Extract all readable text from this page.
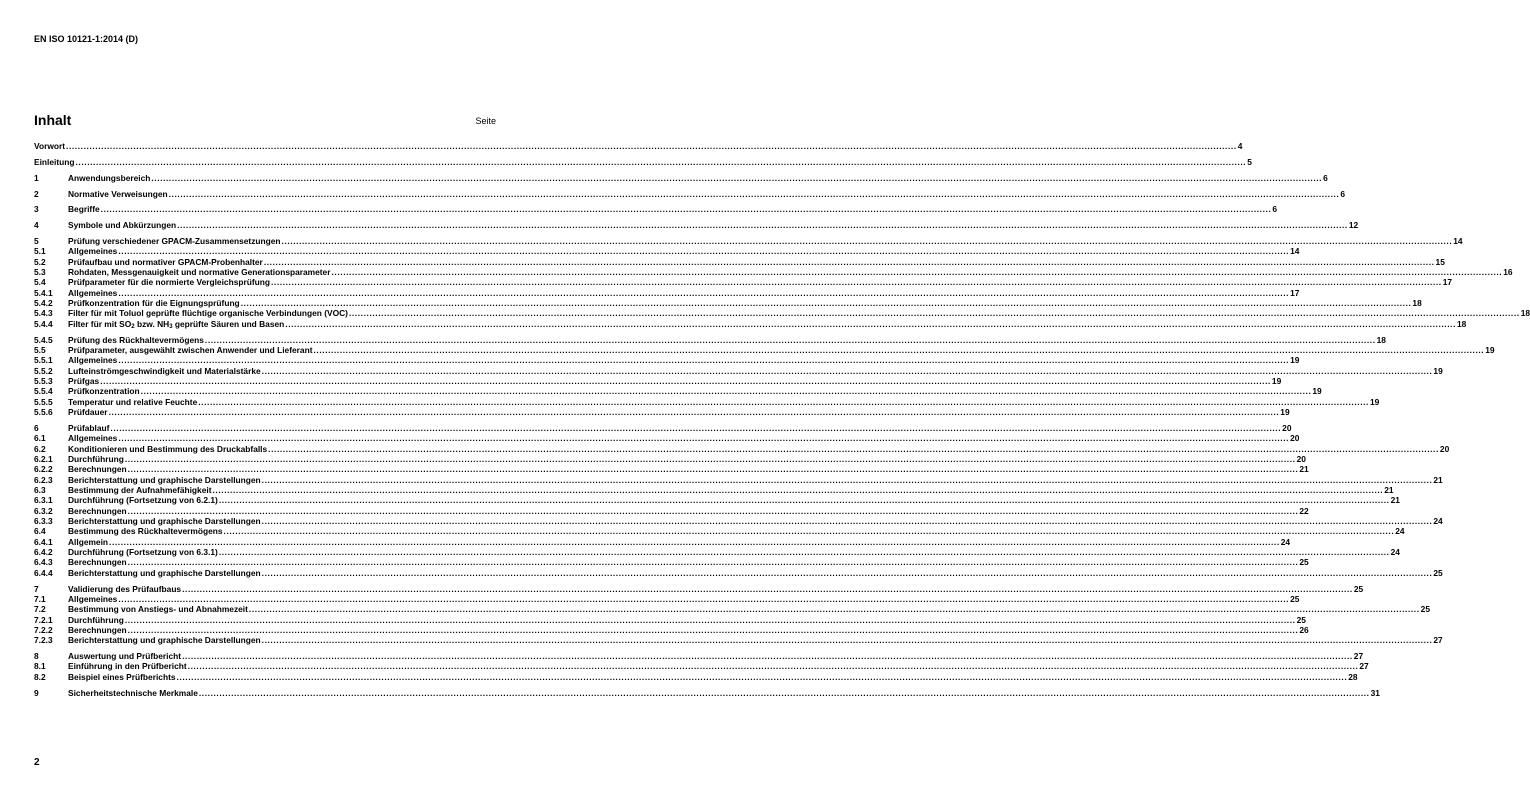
EN ISO 10121-1:2014 (D)
Inhalt	Seite
Vorwort ................................................................................................................................................................................................................................................................................................................................................................................................................ 4
Einleitung ................................................................................................................................................................................................................................................................................................................................................................................................................ 5
1	Anwendungsbereich ................................................................................................................................................................................................................................................................................................................................................................................................................ 6
2	Normative Verweisungen ................................................................................................................................................................................................................................................................................................................................................................................................................ 6
3	Begriffe ................................................................................................................................................................................................................................................................................................................................................................................................................ 6
4	Symbole und Abkürzungen ................................................................................................................................................................................................................................................................................................................................................................................................................ 12
5	Prüfung verschiedener GPACM-Zusammensetzungen ................................................................................................................................................................................................................................................................................................................................................................................................................ 14
5.1	Allgemeines ................................................................................................................................................................................................................................................................................................................................................................................................................ 14
5.2	Prüfaufbau und normativer GPACM-Probenhalter ................................................................................................................................................................................................................................................................................................................................................................................................................ 15
5.3	Rohdaten, Messgenauigkeit und normative Generationsparameter ................................................................................................................................................................................................................................................................................................................................................................................................................ 16
5.4	Prüfparameter für die normierte Vergleichsprüfung ................................................................................................................................................................................................................................................................................................................................................................................................................ 17
5.4.1 Allgemeines ................................................................................................................................................................................................................................................................................................................................................................................................................ 17
5.4.2 Prüfkonzentration für die Eignungsprüfung ................................................................................................................................................................................................................................................................................................................................................................................................................ 18
5.4.3 Filter für mit Toluol geprüfte flüchtige organische Verbindungen (VOC) ................................................................................................................................................................................................................................................................................................................................................................................................................ 18
5.4.4 Filter für mit $SO_2$ bzw. $NH_3$ geprüfte Säuren und Basen ................................................................................................................................................................................................................................................................................................................................................................................................................ 18
5.4.5 Prüfung des Rückhaltevermögens ................................................................................................................................................................................................................................................................................................................................................................................................................ 18
5.5	Prüfparameter, ausgewählt zwischen Anwender und Lieferant ................................................................................................................................................................................................................................................................................................................................................................................................................ 19
5.5.1 Allgemeines ................................................................................................................................................................................................................................................................................................................................................................................................................ 19
5.5.2 Lufteinströmgeschwindigkeit und Materialstärke ................................................................................................................................................................................................................................................................................................................................................................................................................ 19
5.5.3 Prüfgas ................................................................................................................................................................................................................................................................................................................................................................................................................ 19
5.5.4 Prüfkonzentration ................................................................................................................................................................................................................................................................................................................................................................................................................ 19
5.5.5 Temperatur und relative Feuchte ................................................................................................................................................................................................................................................................................................................................................................................................................ 19
5.5.6 Prüfdauer ................................................................................................................................................................................................................................................................................................................................................................................................................ 19
6	Prüfablauf ................................................................................................................................................................................................................................................................................................................................................................................................................ 20
6.1	Allgemeines ................................................................................................................................................................................................................................................................................................................................................................................................................ 20
6.2	Konditionieren und Bestimmung des Druckabfalls ................................................................................................................................................................................................................................................................................................................................................................................................................ 20
6.2.1 Durchführung ................................................................................................................................................................................................................................................................................................................................................................................................................ 20
6.2.2 Berechnungen ................................................................................................................................................................................................................................................................................................................................................................................................................ 21
6.2.3 Berichterstattung und graphische Darstellungen ................................................................................................................................................................................................................................................................................................................................................................................................................ 21
6.3	Bestimmung der Aufnahmefähigkeit ................................................................................................................................................................................................................................................................................................................................................................................................................ 21
6.3.1 Durchführung (Fortsetzung von 6.2.1) ................................................................................................................................................................................................................................................................................................................................................................................................................ 21
6.3.2 Berechnungen ................................................................................................................................................................................................................................................................................................................................................................................................................ 22
6.3.3 Berichterstattung und graphische Darstellungen ................................................................................................................................................................................................................................................................................................................................................................................................................ 24
6.4	Bestimmung des Rückhaltevermögens ................................................................................................................................................................................................................................................................................................................................................................................................................ 24
6.4.1 Allgemein ................................................................................................................................................................................................................................................................................................................................................................................................................ 24
6.4.2 Durchführung (Fortsetzung von 6.3.1) ................................................................................................................................................................................................................................................................................................................................................................................................................ 24
6.4.3 Berechnungen ................................................................................................................................................................................................................................................................................................................................................................................................................ 25
6.4.4 Berichterstattung und graphische Darstellungen ................................................................................................................................................................................................................................................................................................................................................................................................................ 25
7	Validierung des Prüfaufbaus ................................................................................................................................................................................................................................................................................................................................................................................................................ 25
7.1	Allgemeines ................................................................................................................................................................................................................................................................................................................................................................................................................ 25
7.2	Bestimmung von Anstiegs- und Abnahmezeit ................................................................................................................................................................................................................................................................................................................................................................................................................ 25
7.2.1 Durchführung ................................................................................................................................................................................................................................................................................................................................................................................................................ 25
7.2.2 Berechnungen ................................................................................................................................................................................................................................................................................................................................................................................................................ 26
7.2.3 Berichterstattung und graphische Darstellungen ................................................................................................................................................................................................................................................................................................................................................................................................................ 27
8	Auswertung und Prüfbericht ................................................................................................................................................................................................................................................................................................................................................................................................................ 27
8.1	Einführung in den Prüfbericht ................................................................................................................................................................................................................................................................................................................................................................................................................ 27
8.2	Beispiel eines Prüfberichts ................................................................................................................................................................................................................................................................................................................................................................................................................ 28
9	Sicherheitstechnische Merkmale ................................................................................................................................................................................................................................................................................................................................................................................................................ 31
2
